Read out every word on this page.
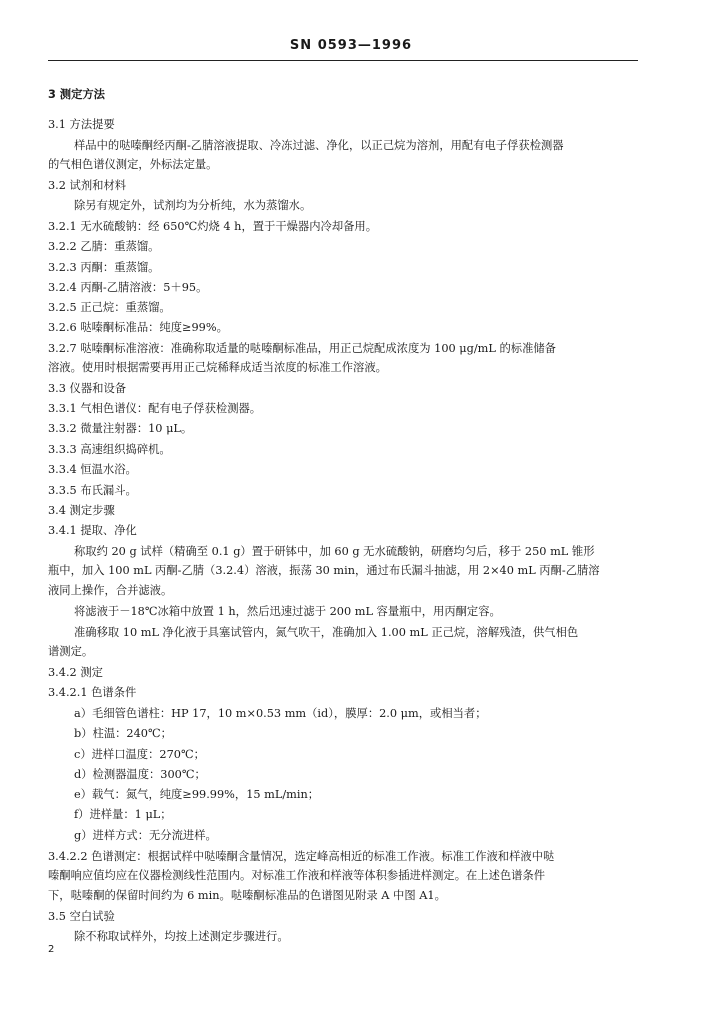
SN 0593—1996
3 测定方法
3.1 方法提要
样品中的哒嗪酮经丙酮-乙腈溶液提取、冷冻过滤、净化，以正己烷为溶剂，用配有电子俘获检测器
的气相色谱仪测定，外标法定量。
3.2 试剂和材料
除另有规定外，试剂均为分析纯，水为蒸馏水。
3.2.1 无水硫酸钠：经 650℃灼烧 4 h，置于干燥器内冷却备用。
3.2.2 乙腈：重蒸馏。
3.2.3 丙酮：重蒸馏。
3.2.4 丙酮-乙腈溶液：5＋95。
3.2.5 正己烷：重蒸馏。
3.2.6 哒嗪酮标准品：纯度≥99%。
3.2.7 哒嗪酮标准溶液：准确称取适量的哒嗪酮标准品，用正己烷配成浓度为 100 μg/mL 的标准储备
溶液。使用时根据需要再用正己烷稀释成适当浓度的标准工作溶液。
3.3 仪器和设备
3.3.1 气相色谱仪：配有电子俘获检测器。
3.3.2 微量注射器：10 μL。
3.3.3 高速组织捣碎机。
3.3.4 恒温水浴。
3.3.5 布氏漏斗。
3.4 测定步骤
3.4.1 提取、净化
称取约 20 g 试样（精确至 0.1 g）置于研钵中，加 60 g 无水硫酸钠，研磨均匀后，移于 250 mL 锥形
瓶中，加入 100 mL 丙酮-乙腈（3.2.4）溶液，振荡 30 min，通过布氏漏斗抽滤，用 2×40 mL 丙酮-乙腈溶
液同上操作，合并滤液。
将滤液于－18℃冰箱中放置 1 h，然后迅速过滤于 200 mL 容量瓶中，用丙酮定容。
准确移取 10 mL 净化液于具塞试管内，氮气吹干，准确加入 1.00 mL 正己烷，溶解残渣，供气相色
谱测定。
3.4.2 测定
3.4.2.1 色谱条件
a）毛细管色谱柱：HP 17，10 m×0.53 mm（id），膜厚：2.0 μm，或相当者；
b）柱温：240℃；
c）进样口温度：270℃；
d）检测器温度：300℃；
e）载气：氮气，纯度≥99.99%，15 mL/min；
f）进样量：1 μL；
g）进样方式：无分流进样。
3.4.2.2 色谱测定：根据试样中哒嗪酮含量情况，选定峰高相近的标准工作液。标准工作液和样液中哒
嗪酮响应值均应在仪器检测线性范围内。对标准工作液和样液等体积参插进样测定。在上述色谱条件
下，哒嗪酮的保留时间约为 6 min。哒嗪酮标准品的色谱图见附录 A 中图 A1。
3.5 空白试验
除不称取试样外，均按上述测定步骤进行。
2
